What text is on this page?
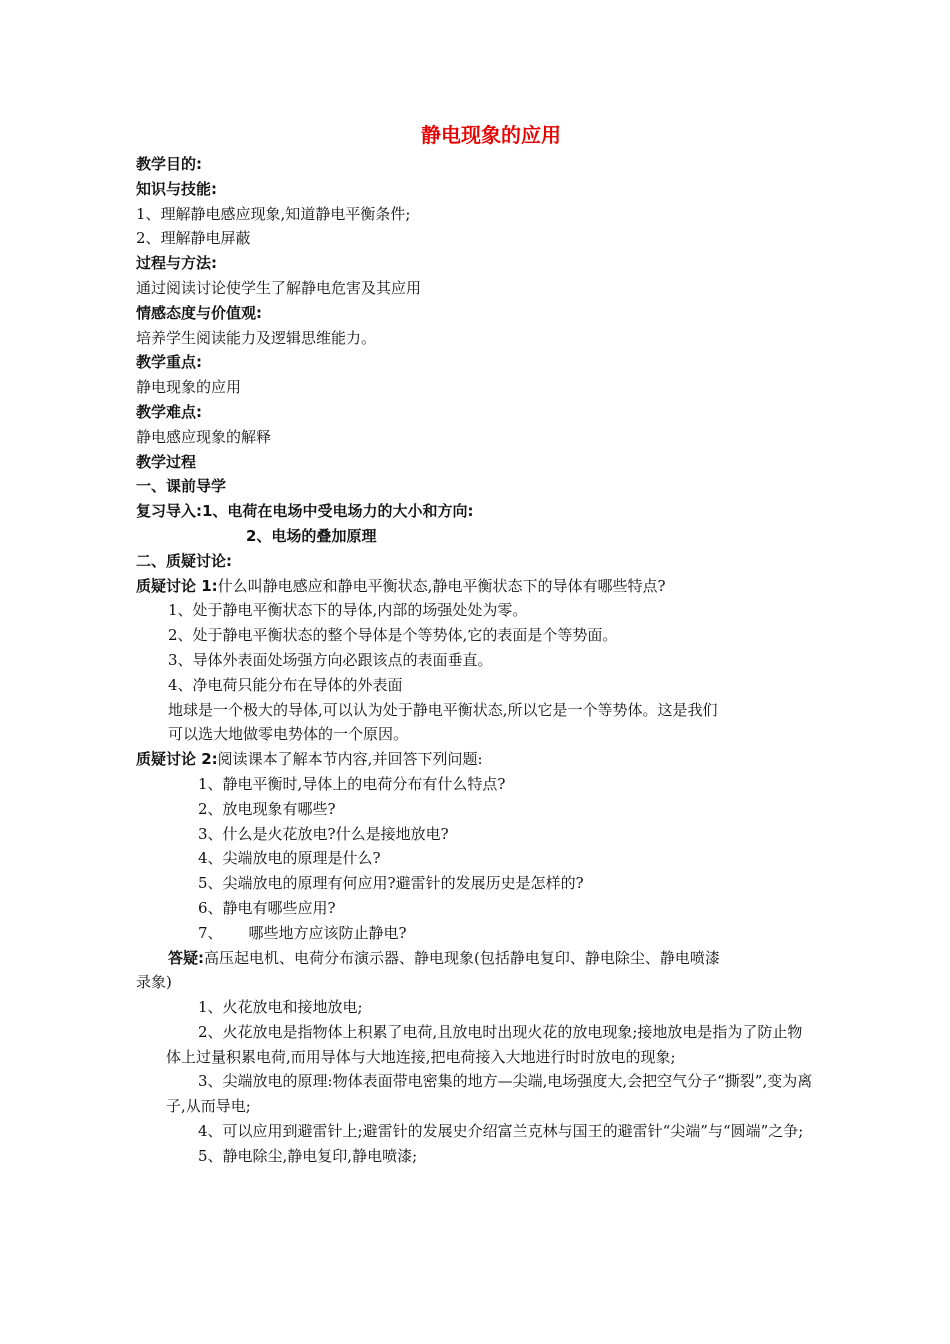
静电现象的应用
教学目的:
知识与技能:
1、理解静电感应现象,知道静电平衡条件;
2、理解静电屏蔽
过程与方法:
通过阅读讨论使学生了解静电危害及其应用
情感态度与价值观:
培养学生阅读能力及逻辑思维能力。
教学重点:
静电现象的应用
教学难点:
静电感应现象的解释
教学过程
一、课前导学
复习导入:1、电荷在电场中受电场力的大小和方向:
2、电场的叠加原理
二、质疑讨论:
质疑讨论 1:什么叫静电感应和静电平衡状态,静电平衡状态下的导体有哪些特点?
1、处于静电平衡状态下的导体,内部的场强处处为零。
2、处于静电平衡状态的整个导体是个等势体,它的表面是个等势面。
3、导体外表面处场强方向必跟该点的表面垂直。
4、净电荷只能分布在导体的外表面
地球是一个极大的导体,可以认为处于静电平衡状态,所以它是一个等势体。这是我们
可以选大地做零电势体的一个原因。
质疑讨论 2:阅读课本了解本节内容,并回答下列问题:
1、静电平衡时,导体上的电荷分布有什么特点?
2、放电现象有哪些?
3、什么是火花放电?什么是接地放电?
4、尖端放电的原理是什么?
5、尖端放电的原理有何应用?避雷针的发展历史是怎样的?
6、静电有哪些应用?
7、 哪些地方应该防止静电?
答疑:高压起电机、电荷分布演示器、静电现象(包括静电复印、静电除尘、静电喷漆
录象)
1、火花放电和接地放电;
2、火花放电是指物体上积累了电荷,且放电时出现火花的放电现象;接地放电是指为了防止物体上过量积累电荷,而用导体与大地连接,把电荷接入大地进行时时放电的现象;
3、尖端放电的原理:物体表面带电密集的地方—尖端,电场强度大,会把空气分子“撕裂”,变为离子,从而导电;
4、可以应用到避雷针上;避雷针的发展史介绍富兰克林与国王的避雷针“尖端”与“圆端”之争;
5、静电除尘,静电复印,静电喷漆;
